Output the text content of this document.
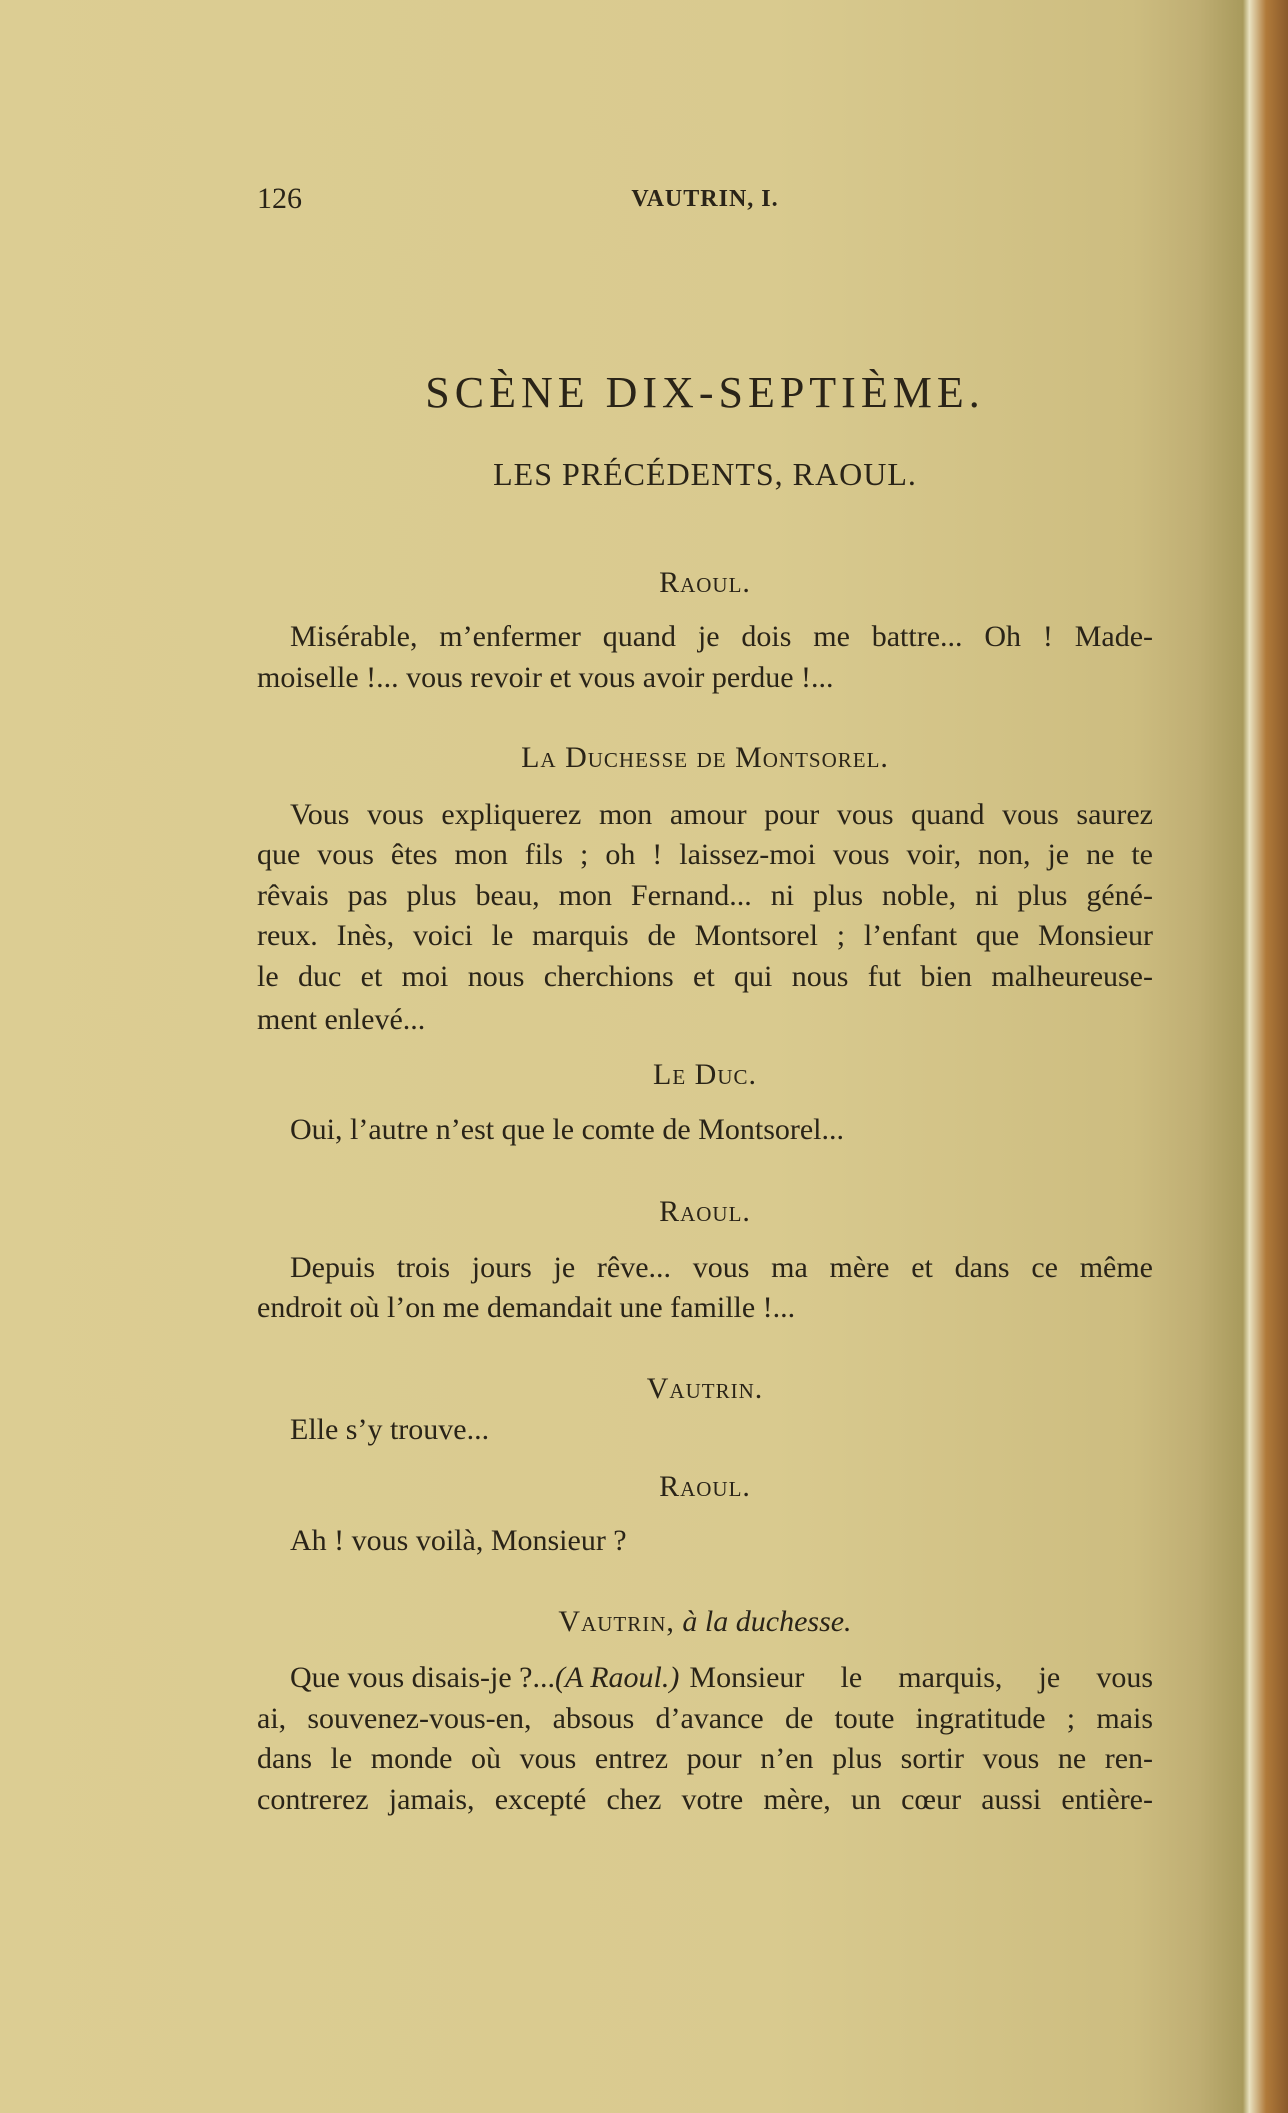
126	VAUTRIN, I.
SCÈNE DIX-SEPTIÈME.
LES PRÉCÉDENTS, RAOUL.
Raoul.
Misérable, m’enfermer quand je dois me battre... Oh ! Made-
moiselle !... vous revoir et vous avoir perdue !...
La Duchesse de Montsorel.
Vous vous expliquerez mon amour pour vous quand vous saurez
que vous êtes mon fils ; oh ! laissez-moi vous voir, non, je ne te
rêvais pas plus beau, mon Fernand... ni plus noble, ni plus géné-
reux. Inès, voici le marquis de Montsorel ; l’enfant que Monsieur
le duc et moi nous cherchions et qui nous fut bien malheureuse-
ment enlevé...
Le Duc.
Oui, l’autre n’est que le comte de Montsorel...
Raoul.
Depuis trois jours je rêve... vous ma mère et dans ce même
endroit où l’on me demandait une famille !...
Vautrin.
Elle s’y trouve...
Raoul.
Ah ! vous voilà, Monsieur ?
Vautrin, à la duchesse.
Que vous disais-je ?... (A Raoul.) Monsieur le marquis, je vous
ai, souvenez-vous-en, absous d’avance de toute ingratitude ; mais
dans le monde où vous entrez pour n’en plus sortir vous ne ren-
contrerez jamais, excepté chez votre mère, un cœur aussi entière-
